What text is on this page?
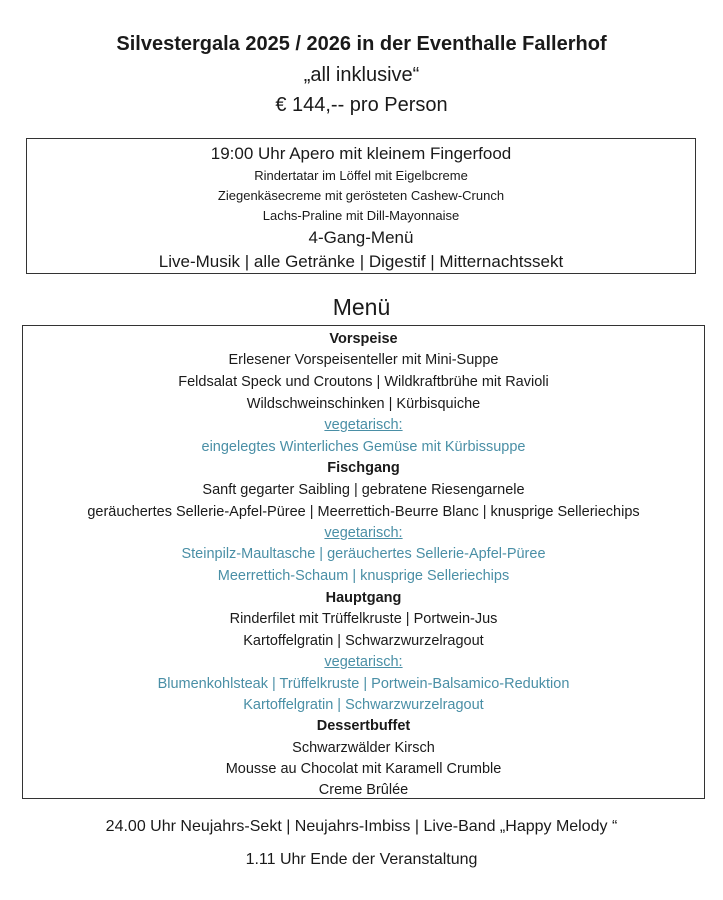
Silvestergala 2025 / 2026 in der Eventhalle Fallerhof
„all inklusive“
€ 144,-- pro Person
19:00 Uhr Apero mit kleinem Fingerfood
Rindertatar im Löffel mit Eigelbcreme
Ziegenkäsecreme mit gerösteten Cashew-Crunch
Lachs-Praline mit Dill-Mayonnaise
4-Gang-Menü
Live-Musik | alle Getränke | Digestif | Mitternachtssekt
Menü
Vorspeise
Erlesener Vorspeisenteller mit Mini-Suppe
Feldsalat Speck und Croutons | Wildkraftbrühe mit Ravioli
Wildschweinschinken | Kürbisquiche
vegetarisch:
eingelegtes Winterliches Gemüse mit Kürbissuppe
Fischgang
Sanft gegarter Saibling | gebratene Riesengarnele
geräuchertes Sellerie-Apfel-Püree | Meerrettich-Beurre Blanc | knusprige Selleriechips
vegetarisch:
Steinpilz-Maultasche | geräuchertes Sellerie-Apfel-Püree
Meerrettich-Schaum | knusprige Selleriechips
Hauptgang
Rinderfilet mit Trüffelkruste | Portwein-Jus
Kartoffelgratin | Schwarzwurzelragout
vegetarisch:
Blumenkohlsteak | Trüffelkruste | Portwein-Balsamico-Reduktion
Kartoffelgratin | Schwarzwurzelragout
Dessertbuffet
Schwarzwälder Kirsch
Mousse au Chocolat mit Karamell Crumble
Creme Brûlée
24.00 Uhr Neujahrs-Sekt | Neujahrs-Imbiss | Live-Band „Happy Melody “
1.11 Uhr Ende der Veranstaltung
